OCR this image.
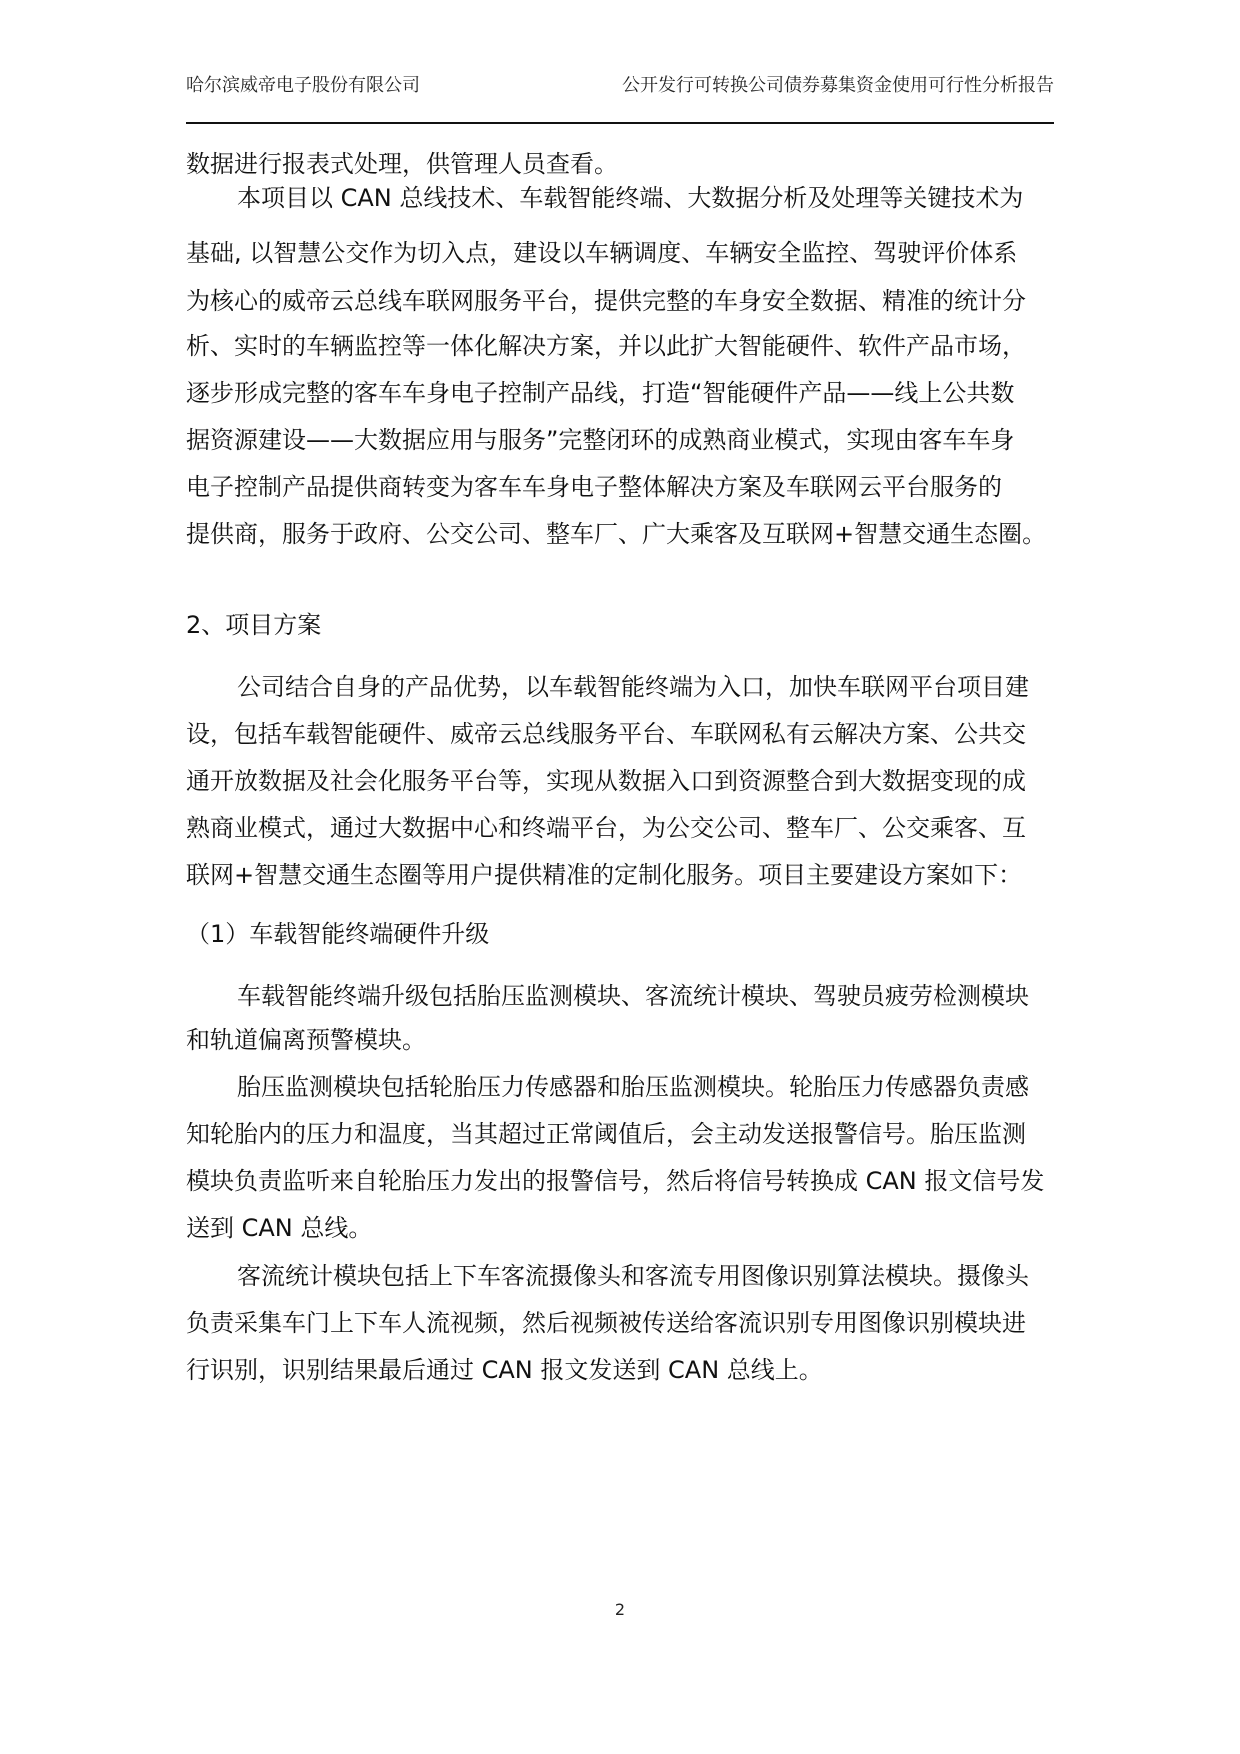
哈尔滨威帝电子股份有限公司	公开发行可转换公司债券募集资金使用可行性分析报告
数据进行报表式处理，供管理人员查看。
本项目以 CAN 总线技术、车载智能终端、大数据分析及处理等关键技术为
基础, 以智慧公交作为切入点，建设以车辆调度、车辆安全监控、驾驶评价体系
为核心的威帝云总线车联网服务平台，提供完整的车身安全数据、精准的统计分
析、实时的车辆监控等一体化解决方案，并以此扩大智能硬件、软件产品市场，
逐步形成完整的客车车身电子控制产品线，打造“智能硬件产品——线上公共数
据资源建设——大数据应用与服务”完整闭环的成熟商业模式，实现由客车车身
电子控制产品提供商转变为客车车身电子整体解决方案及车联网云平台服务的
提供商，服务于政府、公交公司、整车厂、广大乘客及互联网+智慧交通生态圈。
2、项目方案
公司结合自身的产品优势，以车载智能终端为入口，加快车联网平台项目建
设，包括车载智能硬件、威帝云总线服务平台、车联网私有云解决方案、公共交
通开放数据及社会化服务平台等，实现从数据入口到资源整合到大数据变现的成
熟商业模式，通过大数据中心和终端平台，为公交公司、整车厂、公交乘客、互
联网+智慧交通生态圈等用户提供精准的定制化服务。项目主要建设方案如下：
（1）车载智能终端硬件升级
车载智能终端升级包括胎压监测模块、客流统计模块、驾驶员疲劳检测模块
和轨道偏离预警模块。
胎压监测模块包括轮胎压力传感器和胎压监测模块。轮胎压力传感器负责感
知轮胎内的压力和温度，当其超过正常阈值后，会主动发送报警信号。胎压监测
模块负责监听来自轮胎压力发出的报警信号，然后将信号转换成 CAN 报文信号发
送到 CAN 总线。
客流统计模块包括上下车客流摄像头和客流专用图像识别算法模块。摄像头
负责采集车门上下车人流视频，然后视频被传送给客流识别专用图像识别模块进
行识别，识别结果最后通过 CAN 报文发送到 CAN 总线上。
2
